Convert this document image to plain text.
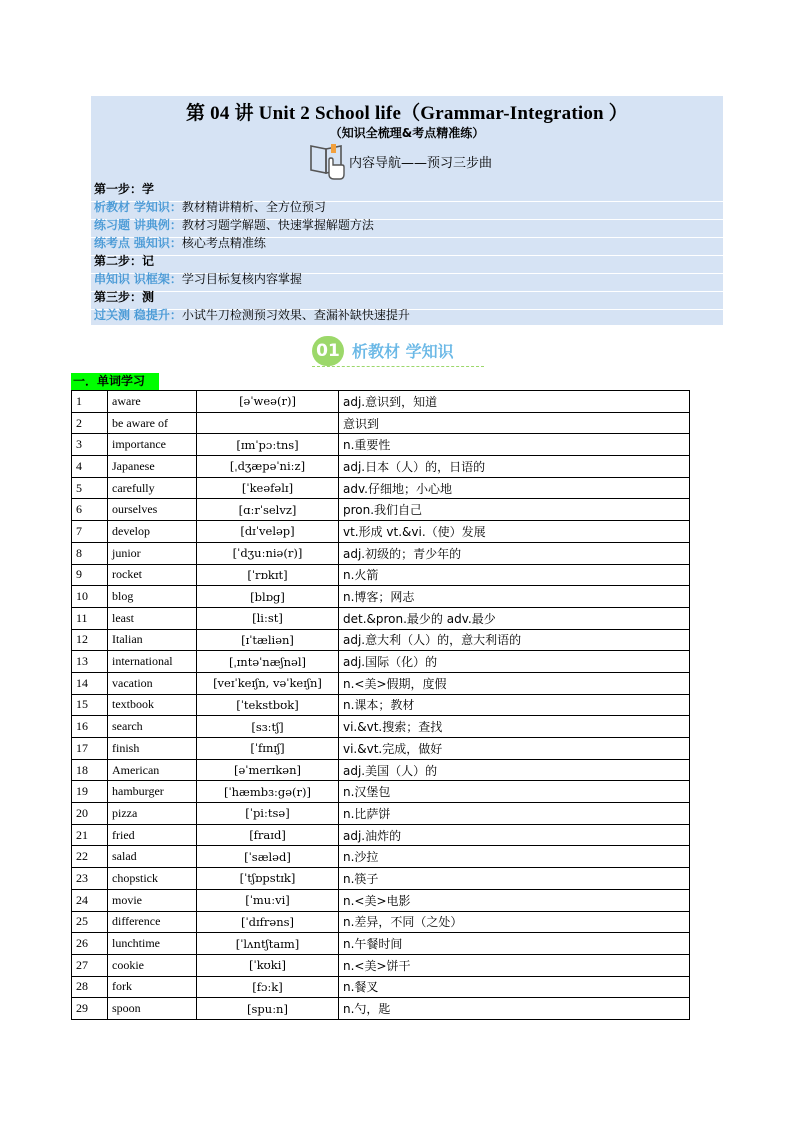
第 04 讲 Unit 2 School life（Grammar-Integration ）
（知识全梳理&考点精准练）
内容导航——预习三步曲
第一步：学
析教材 学知识：教材精讲精析、全方位预习
练习题 讲典例：教材习题学解题、快速掌握解题方法
练考点 强知识：核心考点精准练
第二步：记
串知识 识框架：学习目标复核内容掌握
第三步：测
过关测 稳提升：小试牛刀检测预习效果、查漏补缺快速提升
01 析教材 学知识
一．单词学习
1	aware	[əˈweə(r)]	adj.意识到，知道
2	be aware of		意识到
3	importance	[ɪmˈpɔːtns]	n.重要性
4	Japanese	[ˌdʒæpəˈniːz]	adj.日本（人）的，日语的
5	carefully	[ˈkeəfəlɪ]	adv.仔细地；小心地
6	ourselves	[ɑːrˈselvz]	pron.我们自己
7	develop	[dɪˈveləp]	vt.形成 vt.&vi.（使）发展
8	junior	[ˈdʒuːniə(r)]	adj.初级的；青少年的
9	rocket	[ˈrɒkɪt]	n.火箭
10	blog	[blɒg]	n.博客；网志
11	least	[liːst]	det.&pron.最少的 adv.最少
12	Italian	[ɪˈtæliən]	adj.意大利（人）的，意大利语的
13	international	[ˌɪntəˈnæʃnəl]	adj.国际（化）的
14	vacation	[veɪˈkeɪʃn, vəˈkeɪʃn]	n.<美>假期，度假
15	textbook	[ˈtekstbʊk]	n.课本；教材
16	search	[sɜːtʃ]	vi.&vt.搜索；查找
17	finish	[ˈfɪnɪʃ]	vi.&vt.完成，做好
18	American	[əˈmerɪkən]	adj.美国（人）的
19	hamburger	[ˈhæmbɜːgə(r)]	n.汉堡包
20	pizza	[ˈpiːtsə]	n.比萨饼
21	fried	[fraɪd]	adj.油炸的
22	salad	[ˈsæləd]	n.沙拉
23	chopstick	[ˈtʃɒpstɪk]	n.筷子
24	movie	[ˈmuːvi]	n.<美>电影
25	difference	[ˈdɪfrəns]	n.差异，不同（之处）
26	lunchtime	[ˈlʌntʃtaɪm]	n.午餐时间
27	cookie	[ˈkʊki]	n.<美>饼干
28	fork	[fɔːk]	n.餐叉
29	spoon	[spuːn]	n.勺，匙
